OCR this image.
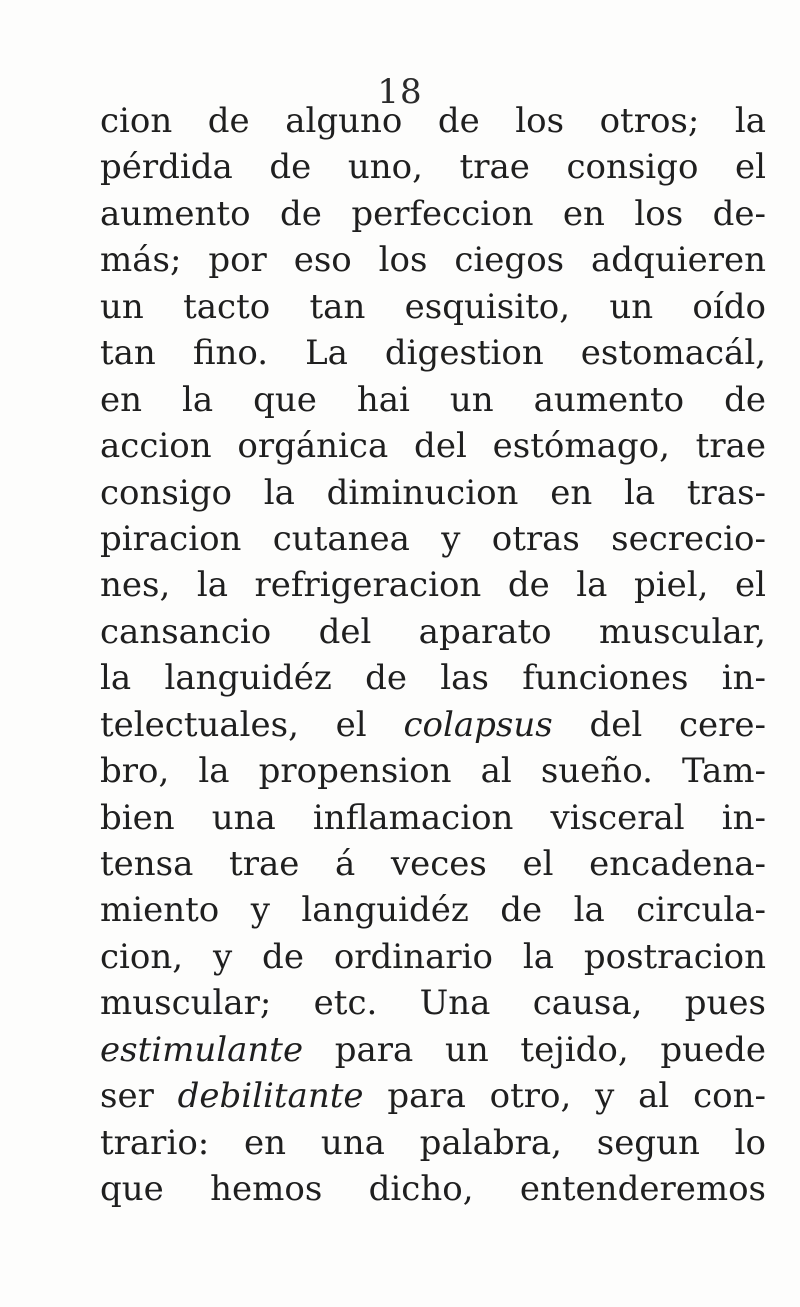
18
cion de alguno de los otros; la
pérdida de uno, trae consigo el
aumento de perfeccion en los de-
más; por eso los ciegos adquieren
un tacto tan esquisito, un oído
tan fino. La digestion estomacál,
en la que hai un aumento de
accion orgánica del estómago, trae
consigo la diminucion en la tras-
piracion cutanea y otras secrecio-
nes, la refrigeracion de la piel, el
cansancio del aparato muscular,
la languidéz de las funciones in-
telectuales, el colapsus del cere-
bro, la propension al sueño. Tam-
bien una inflamacion visceral in-
tensa trae á veces el encadena-
miento y languidéz de la circula-
cion, y de ordinario la postracion
muscular; etc. Una causa, pues
estimulante para un tejido, puede
ser debilitante para otro, y al con-
trario: en una palabra, segun lo
que hemos dicho, entenderemos
